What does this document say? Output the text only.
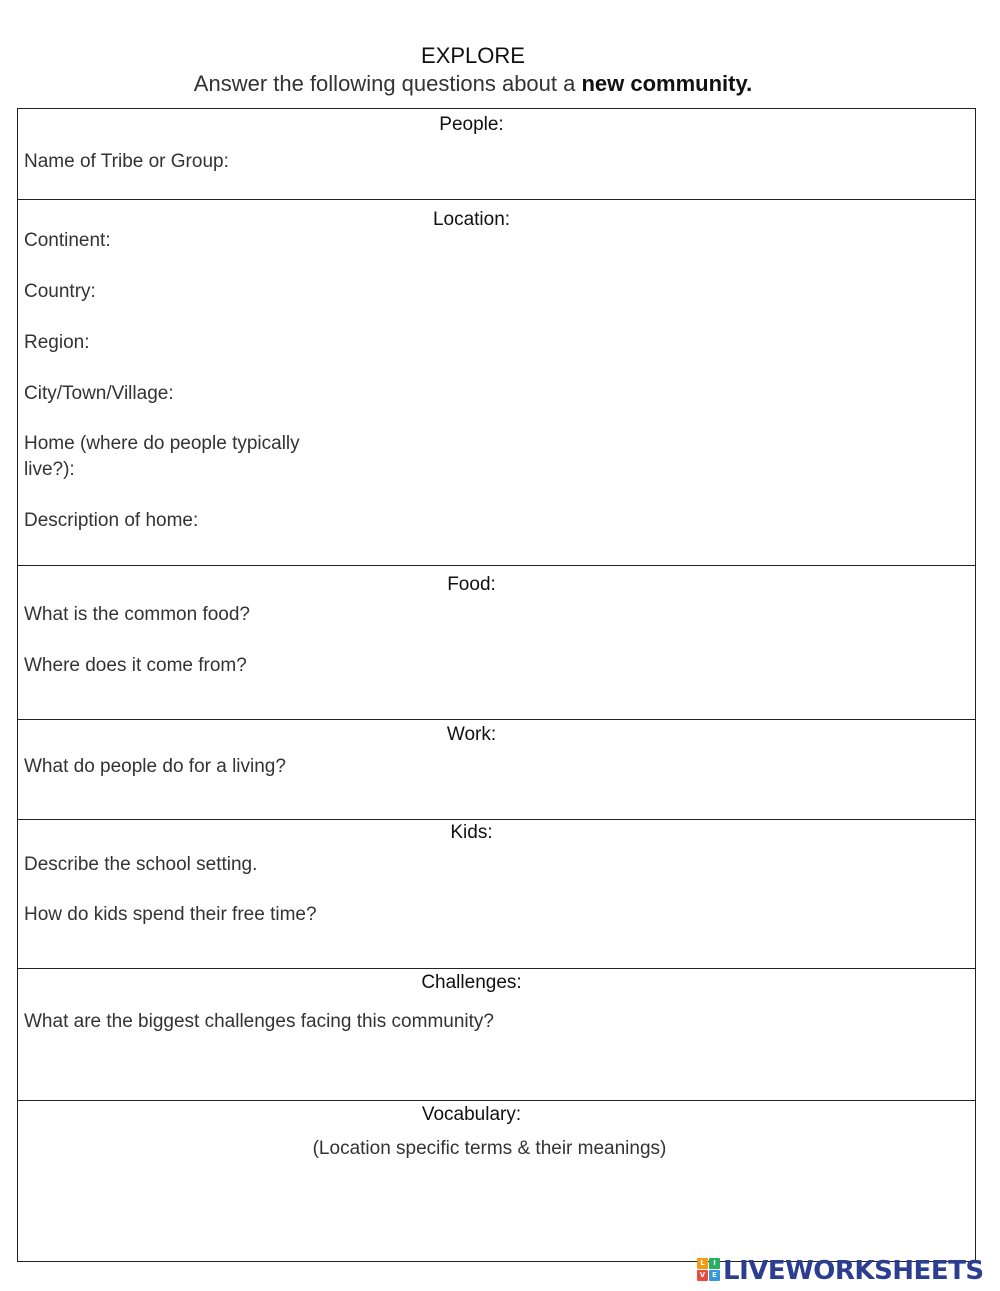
EXPLORE
Answer the following questions about a new community.
People:
Name of Tribe or Group:
Location:
Continent:
Country:
Region:
City/Town/Village:
Home (where do people typically
live?):
Description of home:
Food:
What is the common food?
Where does it come from?
Work:
What do people do for a living?
Kids:
Describe the school setting.
How do kids spend their free time?
Challenges:
What are the biggest challenges facing this community?
Vocabulary:
(Location specific terms & their meanings)
L	I
V E LIVEWORKSHEETS
